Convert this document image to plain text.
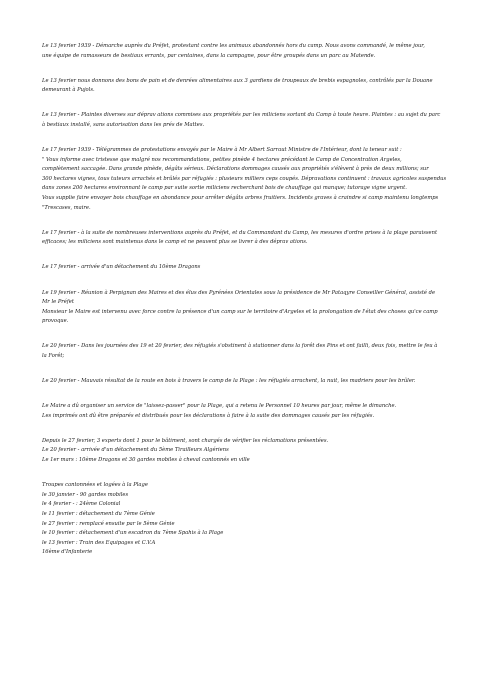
Le 13 fevrier 1939 - Démarche auprès du Préfet, protestant contre les animaux abandonnés hors du camp. Nous avons commandé, le même jour,
une équipe de ramasseurs de bestiaux errants, par centaines, dans la campagne, pour être groupés dans un parc au Matende.
Le 13 fevrier nous donnons des bons de pain et de denrées alimentaires aux 3 gardiens de troupeaux de brebis espagnoles, contrôlés par la Douane
demeurant à Pujols.
Le 13 fevrier - Plaintes diverses sur déprav ations commises aux propriétés par les miliciens sortant du Camp à toute heure. Plaintes : au sujet du parc
à bestiaux installé, sans autorisation dans les prés de Mattes.
Le 17 fevrier 1939 - Télégrammes de protestations envoyés par le Maire à Mr Albert Sarraut Ministre de l'Intérieur, dont la teneur suit :
" Vous informe avec tristesse que malgré nos recommandations, petites pinède 4 hectares précédant le Camp de Concentration Argeles,
complètement saccagée. Dans grande pinède, dégâts sérieux. Déclarations dommages causés aux propriétés s'élèvent à près de deux millions; sur
300 hectares vignes, tous tuteurs arrachés et brûlés par réfugiés : plusieurs milliers ceps coupés. Dépravations continuent : travaux agricoles suspendus
dans zones 200 hectares environnant le camp par suite sortie miliciens recherchant bois de chauffage qui manque; tutorage vigne urgent.
Vous supplie faire envoyer bois chauffage en abondance pour arrêter dégâts arbres fruitiers. Incidents graves à craindre si camp maintenu longtemps
"Trescases, maire.
Le 17 fevrier - à la suite de nombreuses interventions auprès du Préfet, et du Commandant du Camp, les mesures d'ordre prises à la plage paraissent
efficaces; les miliciens sont maintenus dans le camp et ne peuvent plus se livrer à des déprav ations.
Le 17 fevrier - arrivée d'un détachement du 10ème Dragons
Le 19 fevrier - Réunion à Perpignan des Maires et des élus des Pyrénées Orientales sous la présidence de Mr Pataqyre Conseiller Général, assisté de
Mr le Préfet
Monsieur le Maire est intervenu avec force contre la présence d'un camp sur le territoire d'Argeles et la prolongation de l'état des choses qu'ce camp
provoque.
Le 20 fevrier - Dans les journées des 19 et 20 fevrier, des réfugiés s'obstinent à stationner dans la forêt des Pins et ont failli, deux fois, mettre le feu à
la Forêt;
Le 20 fevrier - Mauvais résultat de la route en bois à travers le camp de la Plage : les réfugiés arrachent, la nuit, les madriers pour les brûler.
Le Maire a dû organiser un service de "laissez-passer" pour la Plage, qui a retenu le Personnel 10 heures par jour, même le dimanche.
Les imprimés ont dû être préparés et distribués pour les déclarations à faire à la suite des dommages causés par les réfugiés.
Depuis le 27 fevrier, 3 experts dont 1 pour le bâtiment, sont chargés de vérifier les réclamations présentées.
Le 20 fevrier - arrivée d'un détachement du 5ème Tirailleurs Algériens
Le 1er mars : 10ème Dragons et 30 gardes mobiles à cheval cantonnés en ville
Troupes cantonnées et logées à la Plage
le 30 janvier - 90 gardes mobiles
le 4 fevrier - : 24ème Colonial
le 11 fevrier : détachement du 7ème Génie
le 27 fevrier : remplacé ensuite par le 5ème Génie
le 10 fevrier : détachement d'un escadron du 7ème Spahis à la Plage
le 13 fevrier : Train des Equipages et C.V.A
16ème d'Infanterie
